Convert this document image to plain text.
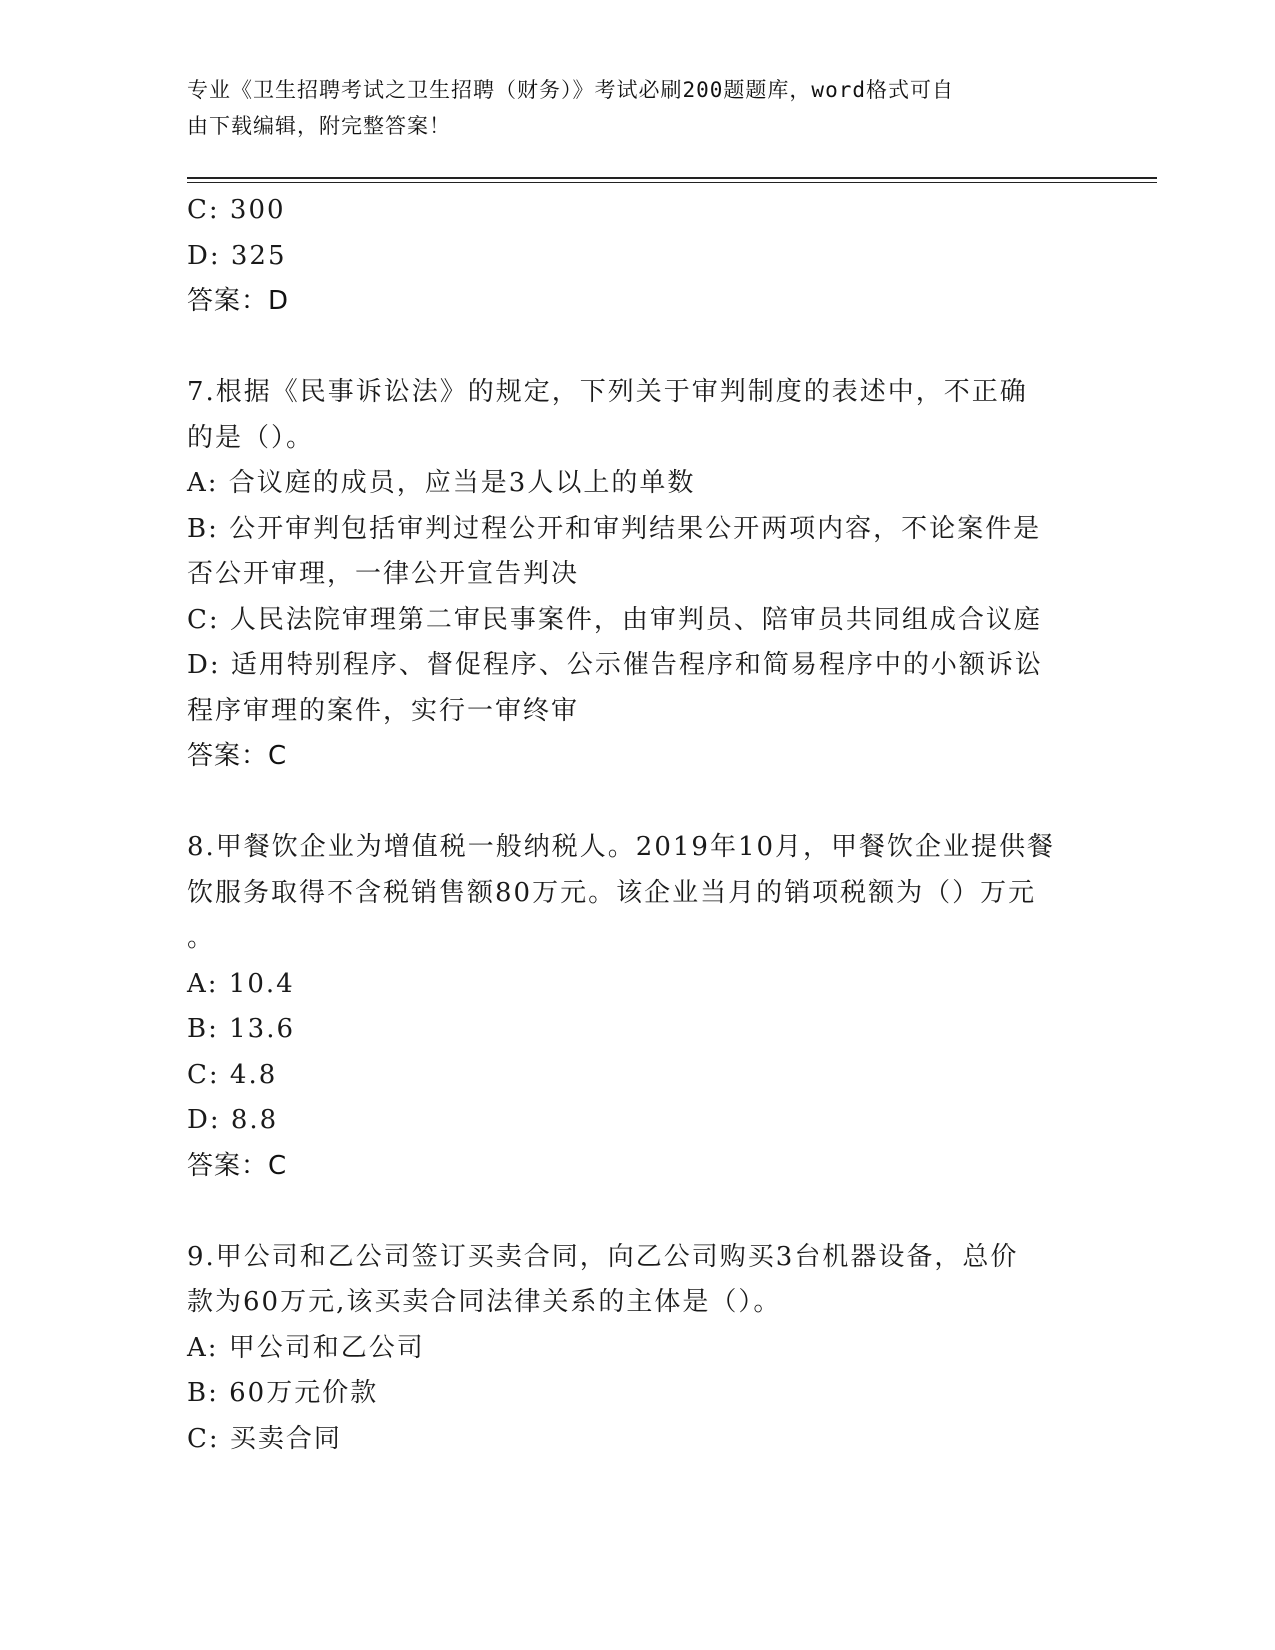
专业《卫生招聘考试之卫生招聘（财务）》考试必刷200题题库，word格式可自
由下载编辑，附完整答案！
C: 300
D: 325
答案：D
7.根据《民事诉讼法》的规定，下列关于审判制度的表述中，不正确
的是（）。
A: 合议庭的成员，应当是3人以上的单数
B: 公开审判包括审判过程公开和审判结果公开两项内容，不论案件是
否公开审理，一律公开宣告判决
C: 人民法院审理第二审民事案件，由审判员、陪审员共同组成合议庭
D: 适用特别程序、督促程序、公示催告程序和简易程序中的小额诉讼
程序审理的案件，实行一审终审
答案：C
8.甲餐饮企业为增值税一般纳税人。2019年10月，甲餐饮企业提供餐
饮服务取得不含税销售额80万元。该企业当月的销项税额为（）万元
。
A: 10.4
B: 13.6
C: 4.8
D: 8.8
答案：C
9.甲公司和乙公司签订买卖合同，向乙公司购买3台机器设备，总价
款为60万元,该买卖合同法律关系的主体是（）。
A: 甲公司和乙公司
B: 60万元价款
C: 买卖合同
